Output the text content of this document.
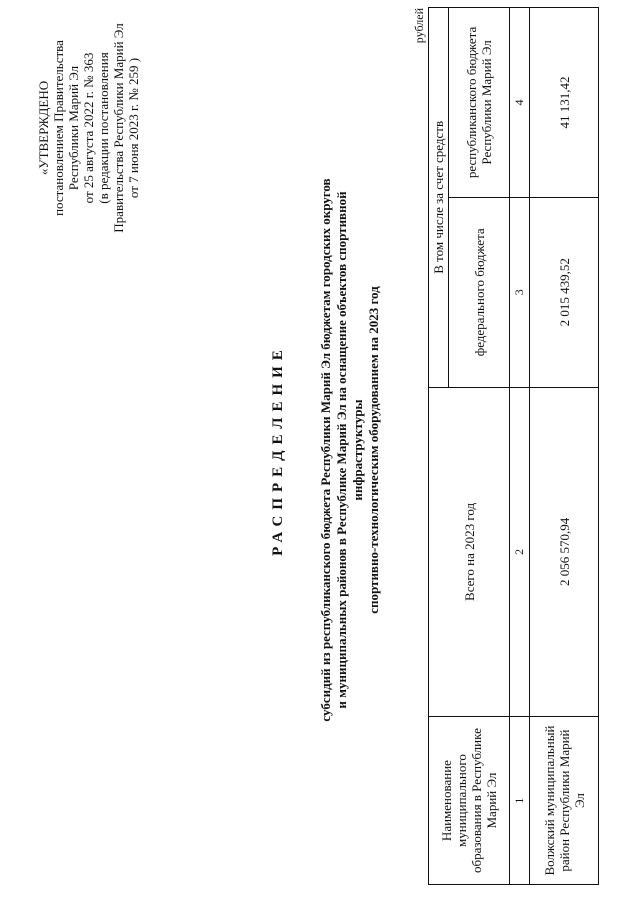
«УТВЕРЖДЕНО постановлением Правительства Республики Марий Эл от 25 августа 2022 г. № 363 (в редакции постановления Правительства Республики Марий Эл от 7 июня 2023 г. № 259 )
РАСПРЕДЕЛЕНИЕ субсидий из республиканского бюджета Республики Марий Эл бюджетам городских округов и муниципальных районов в Республике Марий Эл на оснащение объектов спортивной инфраструктуры спортивно-технологическим оборудованием на 2023 год
рублей
Наименование муниципального образования в Республике Марий Эл	Всего на 2023 год	В том числе за счет средств	
		федерального бюджета	республиканского бюджета Республики Марий Эл
1	2	3	4
Волжский муниципальный район Республики Марий Эл	2 056 570,94	2 015 439,52	41 131,42
